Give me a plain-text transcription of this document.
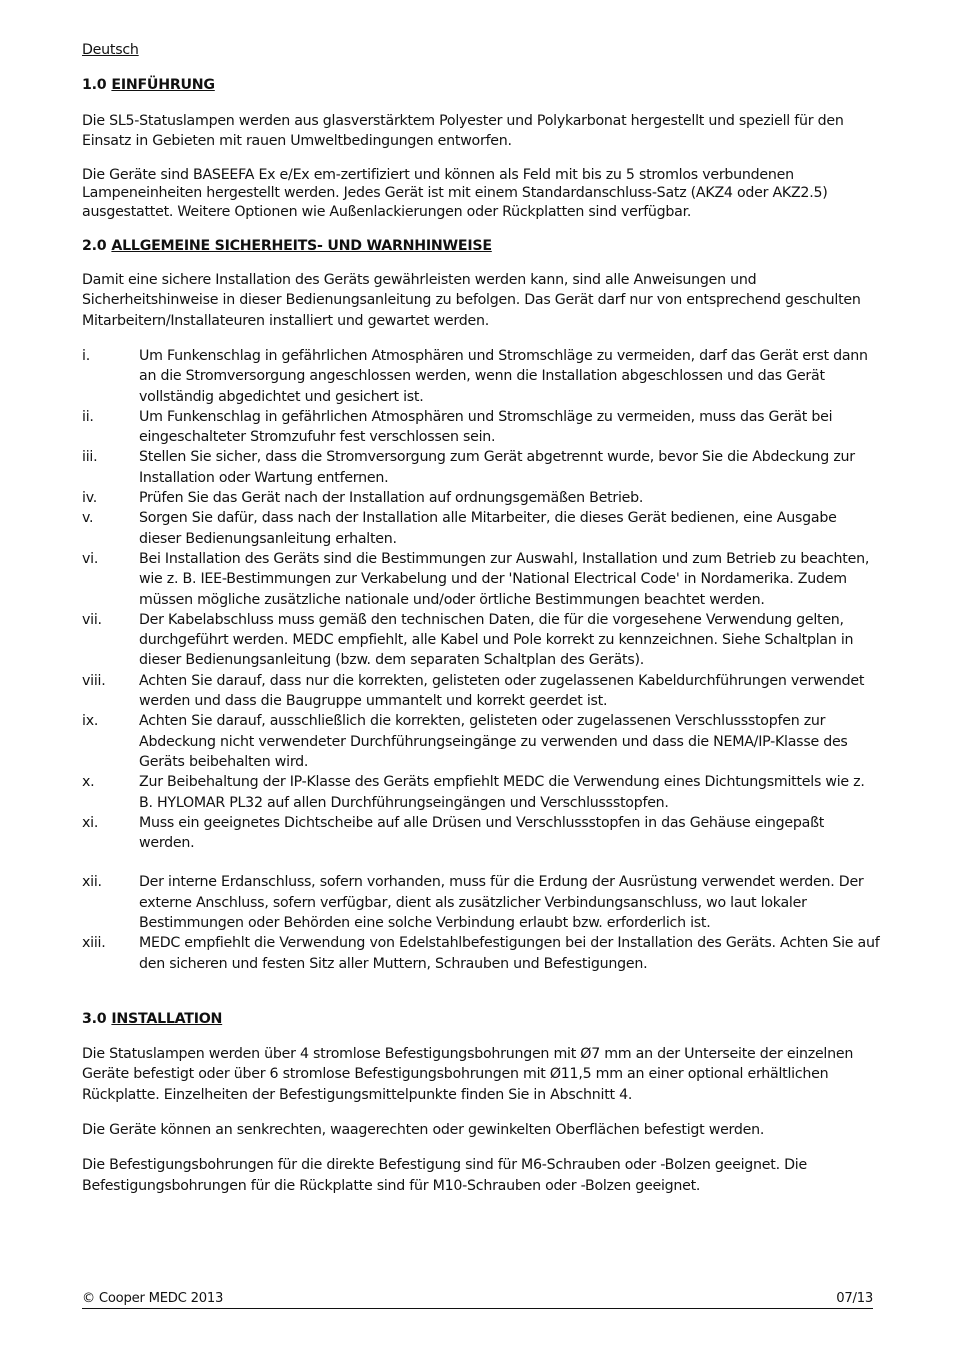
Deutsch

1.0 EINFÜHRUNG

Die SL5-Statuslampen werden aus glasverstärktem Polyester und Polykarbonat hergestellt und speziell für den Einsatz in Gebieten mit rauen Umweltbedingungen entworfen.

Die Geräte sind BASEEFA Ex e/Ex em-zertifiziert und können als Feld mit bis zu 5 stromlos verbundenen Lampeneinheiten hergestellt werden. Jedes Gerät ist mit einem Standardanschluss-Satz (AKZ4 oder AKZ2.5) ausgestattet. Weitere Optionen wie Außenlackierungen oder Rückplatten sind verfügbar.

2.0 ALLGEMEINE SICHERHEITS- UND WARNHINWEISE

Damit eine sichere Installation des Geräts gewährleisten werden kann, sind alle Anweisungen und Sicherheitshinweise in dieser Bedienungsanleitung zu befolgen. Das Gerät darf nur von entsprechend geschulten Mitarbeitern/Installateuren installiert und gewartet werden.

i.	Um Funkenschlag in gefährlichen Atmosphären und Stromschläge zu vermeiden, darf das Gerät erst dann an die Stromversorgung angeschlossen werden, wenn die Installation abgeschlossen und das Gerät vollständig abgedichtet und gesichert ist.
ii.	Um Funkenschlag in gefährlichen Atmosphären und Stromschläge zu vermeiden, muss das Gerät bei eingeschalteter Stromzufuhr fest verschlossen sein.
iii.	Stellen Sie sicher, dass die Stromversorgung zum Gerät abgetrennt wurde, bevor Sie die Abdeckung zur Installation oder Wartung entfernen.
iv.	Prüfen Sie das Gerät nach der Installation auf ordnungsgemäßen Betrieb.
v.	Sorgen Sie dafür, dass nach der Installation alle Mitarbeiter, die dieses Gerät bedienen, eine Ausgabe dieser Bedienungsanleitung erhalten.
vi.	Bei Installation des Geräts sind die Bestimmungen zur Auswahl, Installation und zum Betrieb zu beachten, wie z. B. IEE-Bestimmungen zur Verkabelung und der 'National Electrical Code' in Nordamerika. Zudem müssen mögliche zusätzliche nationale und/oder örtliche Bestimmungen beachtet werden.
vii.	Der Kabelabschluss muss gemäß den technischen Daten, die für die vorgesehene Verwendung gelten, durchgeführt werden. MEDC empfiehlt, alle Kabel und Pole korrekt zu kennzeichnen. Siehe Schaltplan in dieser Bedienungsanleitung (bzw. dem separaten Schaltplan des Geräts).
viii.	Achten Sie darauf, dass nur die korrekten, gelisteten oder zugelassenen Kabeldurchführungen verwendet werden und dass die Baugruppe ummantelt und korrekt geerdet ist.
ix.	Achten Sie darauf, ausschließlich die korrekten, gelisteten oder zugelassenen Verschlussstopfen zur Abdeckung nicht verwendeter Durchführungseingänge zu verwenden und dass die NEMA/IP-Klasse des Geräts beibehalten wird.
x.	Zur Beibehaltung der IP-Klasse des Geräts empfiehlt MEDC die Verwendung eines Dichtungsmittels wie z. B. HYLOMAR PL32 auf allen Durchführungseingängen und Verschlussstopfen.
xi.	Muss ein geeignetes Dichtscheibe auf alle Drüsen und Verschlussstopfen in das Gehäuse eingepaßt werden.
xii.	Der interne Erdanschluss, sofern vorhanden, muss für die Erdung der Ausrüstung verwendet werden. Der externe Anschluss, sofern verfügbar, dient als zusätzlicher Verbindungsanschluss, wo laut lokaler Bestimmungen oder Behörden eine solche Verbindung erlaubt bzw. erforderlich ist.
xiii.	MEDC empfiehlt die Verwendung von Edelstahlbefestigungen bei der Installation des Geräts. Achten Sie auf den sicheren und festen Sitz aller Muttern, Schrauben und Befestigungen.
3.0 INSTALLATION

Die Statuslampen werden über 4 stromlose Befestigungsbohrungen mit Ø7 mm an der Unterseite der einzelnen Geräte befestigt oder über 6 stromlose Befestigungsbohrungen mit Ø11,5 mm an einer optional erhältlichen Rückplatte. Einzelheiten der Befestigungsmittelpunkte finden Sie in Abschnitt 4.

Die Geräte können an senkrechten, waagerechten oder gewinkelten Oberflächen befestigt werden.

Die Befestigungsbohrungen für die direkte Befestigung sind für M6-Schrauben oder -Bolzen geeignet. Die Befestigungsbohrungen für die Rückplatte sind für M10-Schrauben oder -Bolzen geeignet.

© Cooper MEDC 2013	07/13
